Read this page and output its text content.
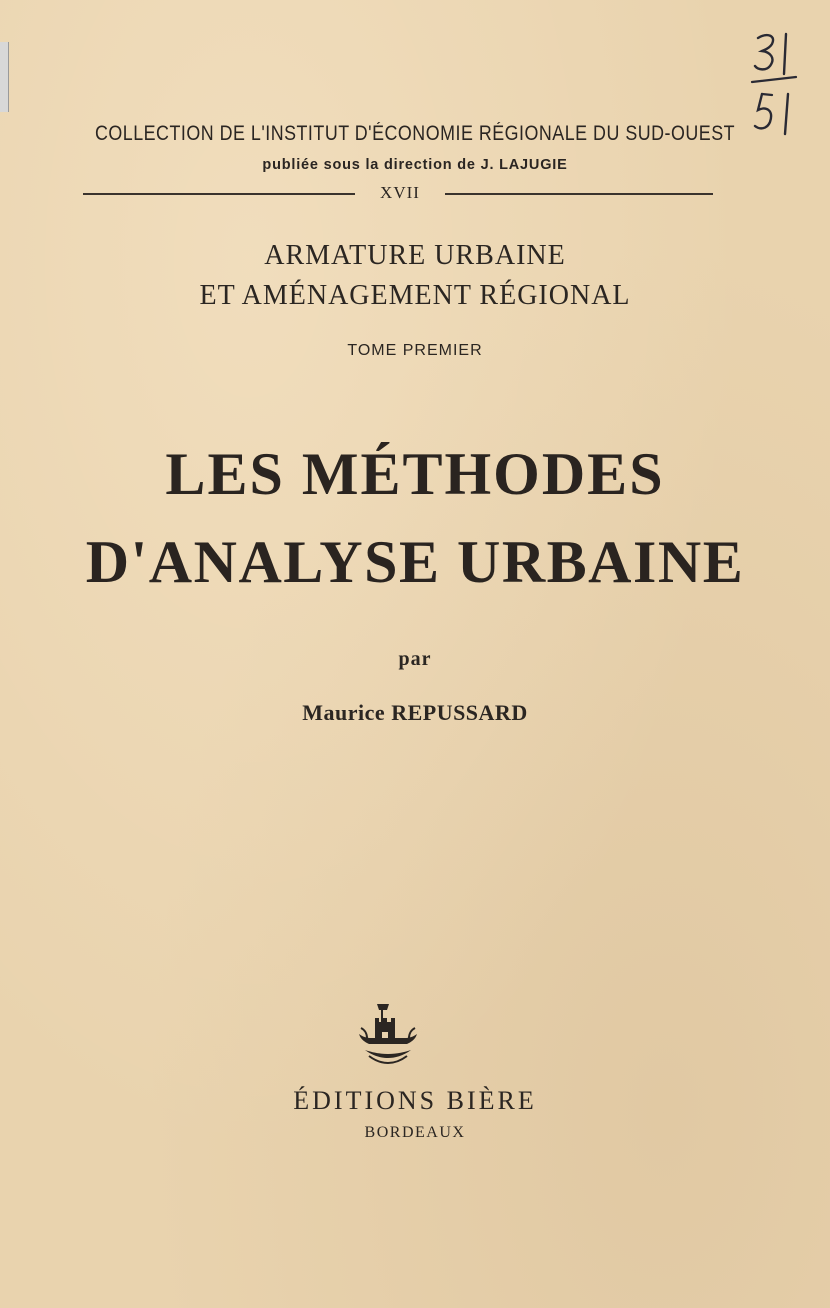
COLLECTION DE L'INSTITUT D'ÉCONOMIE RÉGIONALE DU SUD-OUEST
publiée sous la direction de J. LAJUGIE
XVII
ARMATURE URBAINE
ET AMÉNAGEMENT RÉGIONAL
TOME PREMIER
LES MÉTHODES
D'ANALYSE URBAINE
par
Maurice REPUSSARD
ÉDITIONS BIÈRE
BORDEAUX
